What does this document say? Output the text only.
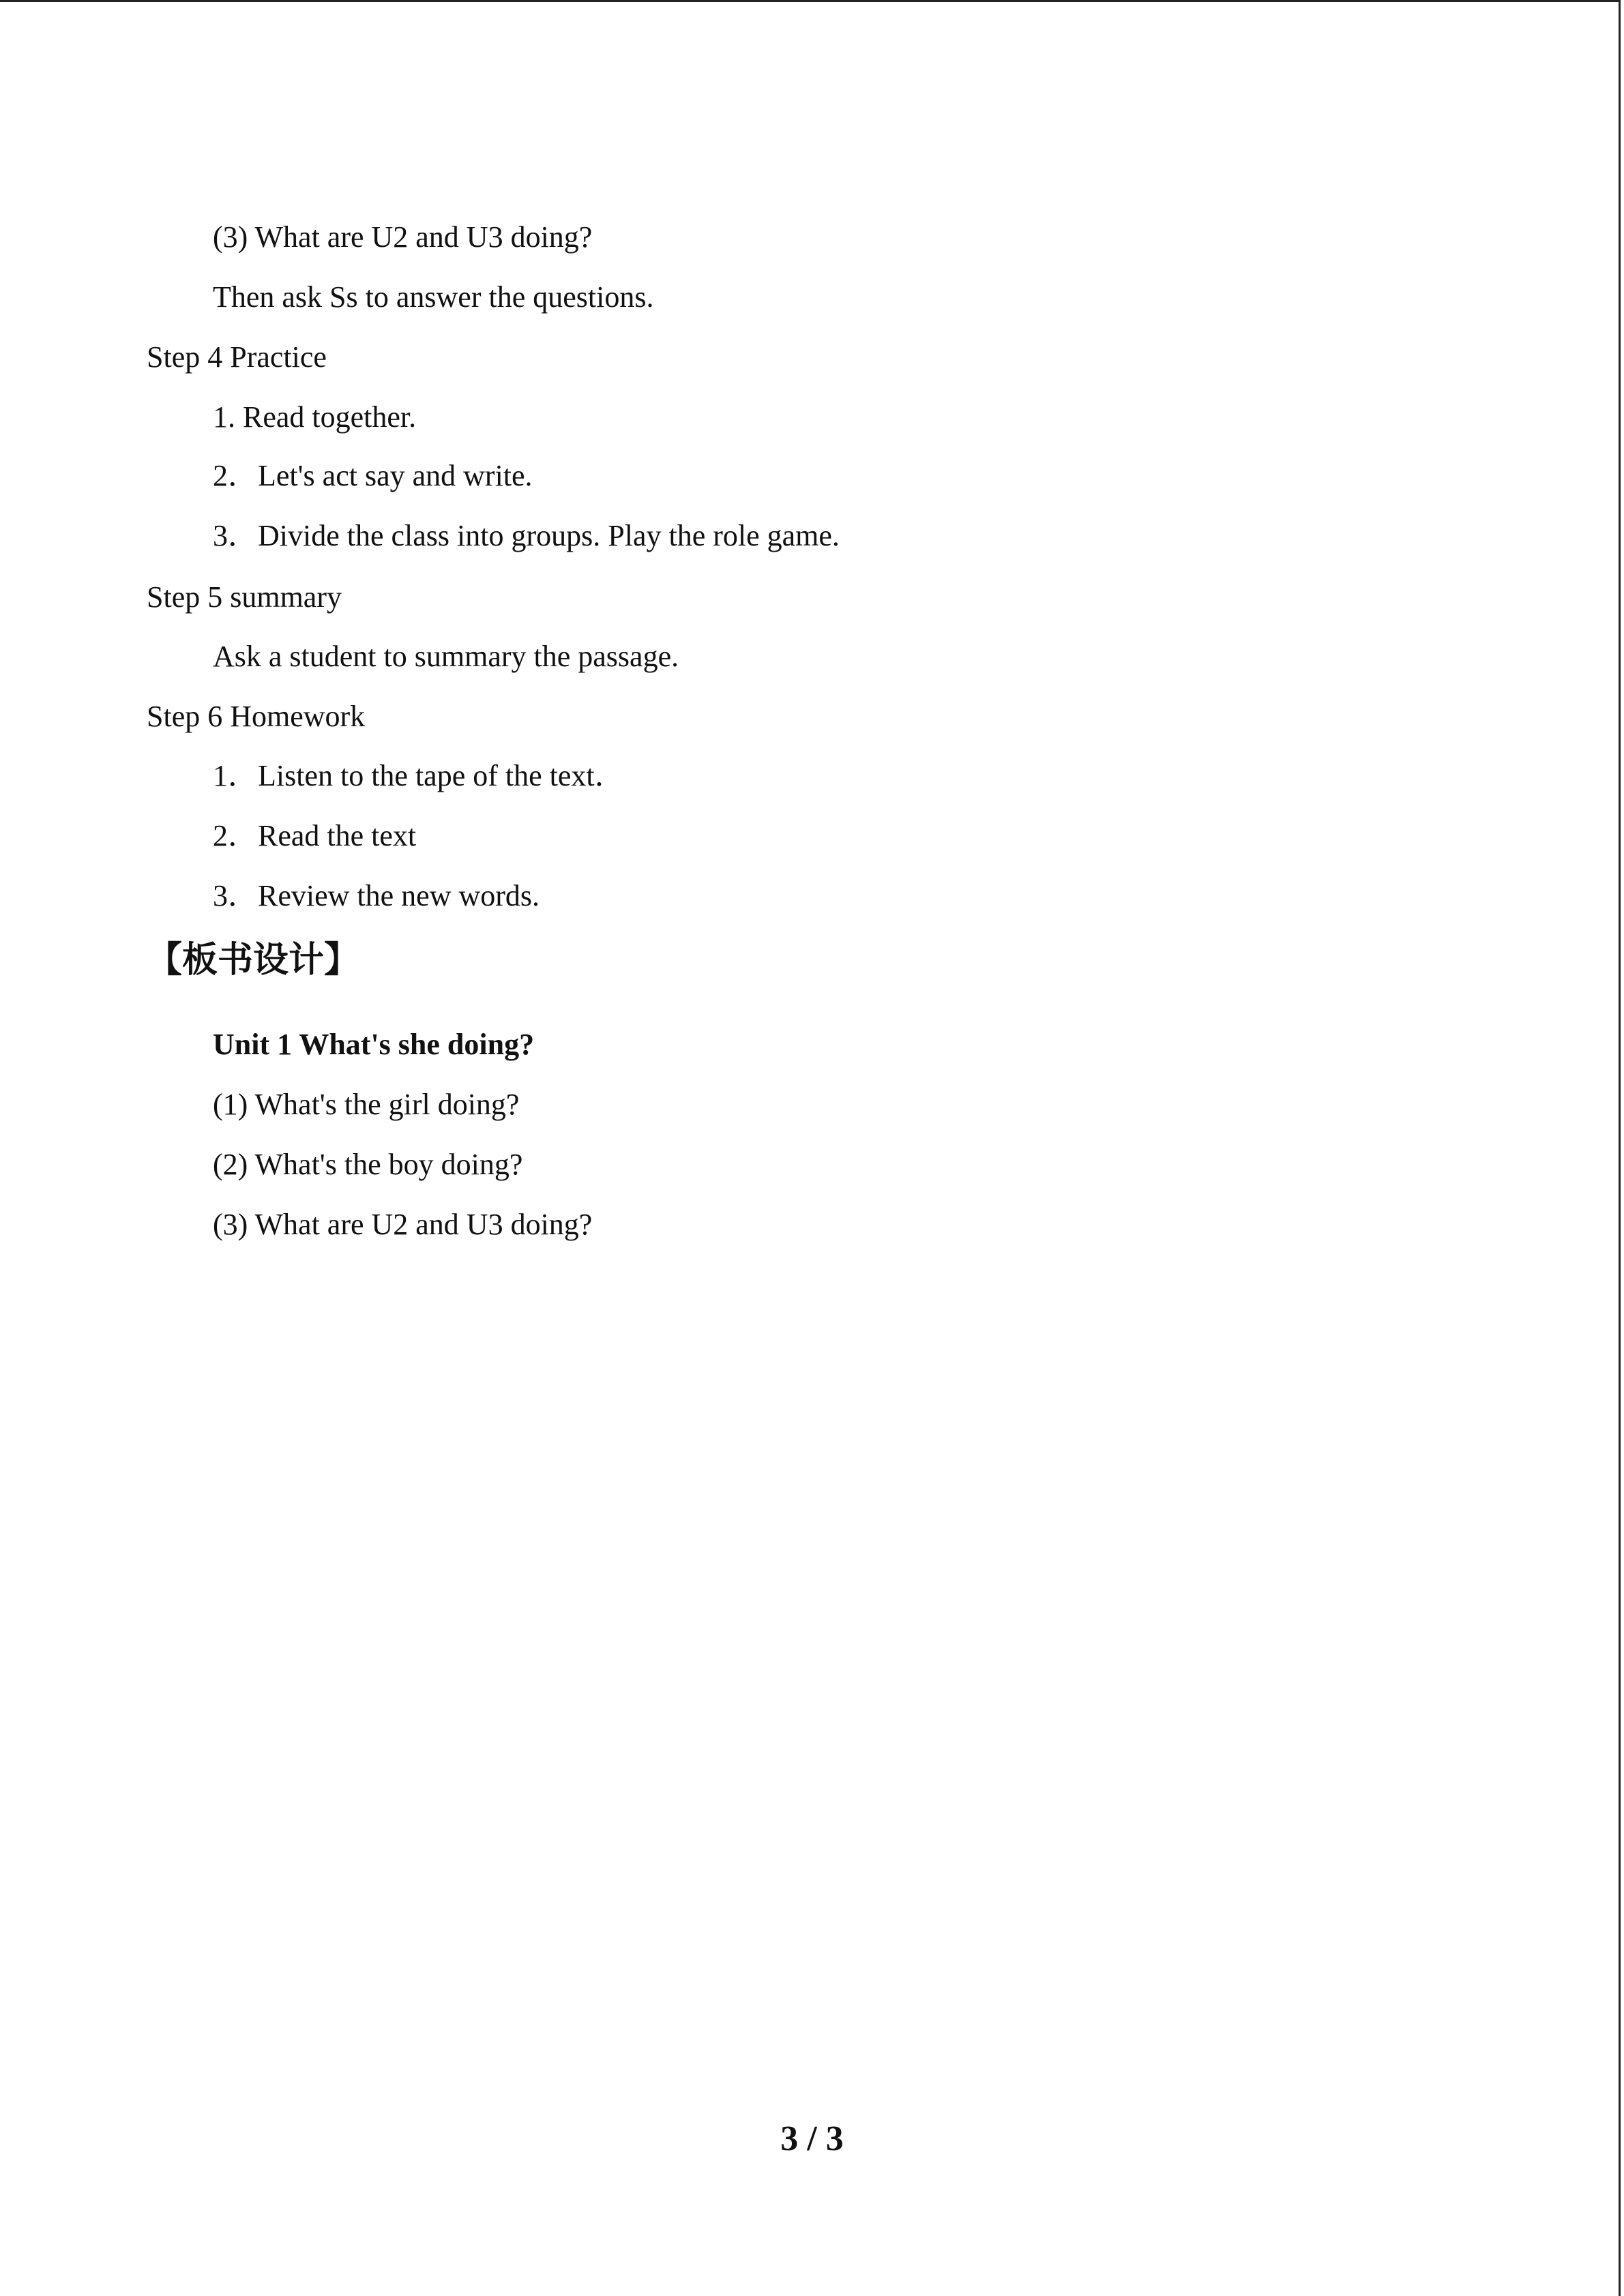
(3) What are U2 and U3 doing?
Then ask Ss to answer the questions.
Step 4 Practice
1. Read together.
2．Let's act say and write.
3．Divide the class into groups. Play the role game.
Step 5 summary
Ask a student to summary the passage.
Step 6 Homework
1．Listen to the tape of the text．
2．Read the text
3．Review the new words.
【板书设计】
Unit 1 What's she doing?
(1) What's the girl doing?
(2) What's the boy doing?
(3) What are U2 and U3 doing?
3 / 3
